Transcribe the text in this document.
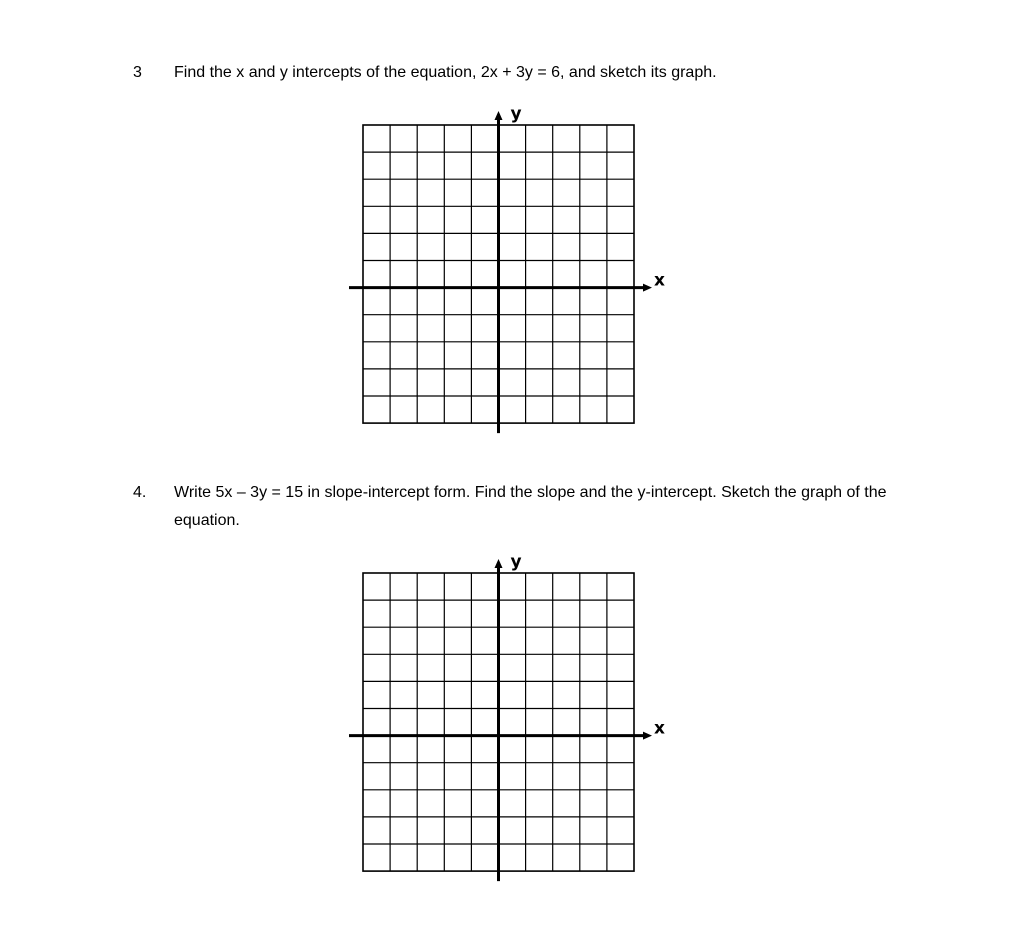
3 Find the x and y intercepts of the equation, 2x + 3y = 6, and sketch its graph.
x
y
4. Write 5x – 3y = 15 in slope-intercept form. Find the slope and the y-intercept. Sketch the graph of the equation.
x
y
